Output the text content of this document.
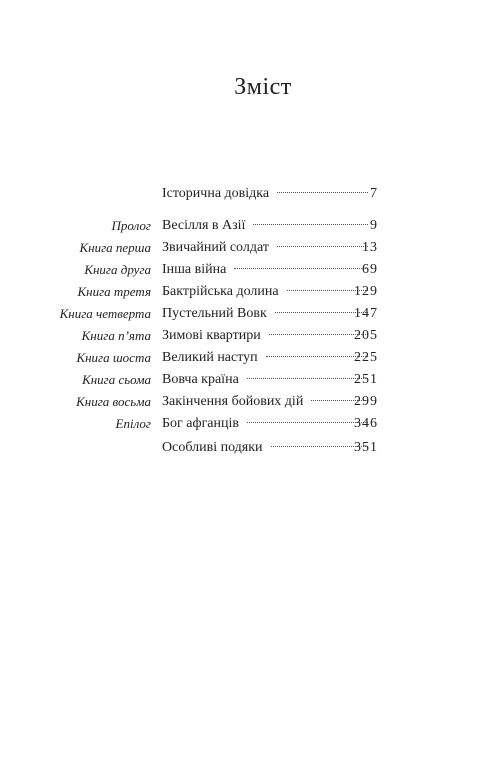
Зміст
Історична довідка	7
Пролог Весілля в Азії	9
Книга перша Звичайний солдат	13
Книга друга Інша війна	69
Книга третя Бактрійська долина	129
Книга четверта Пустельний Вовк	147
Книга п’ята Зимові квартири	205
Книга шоста Великий наступ	225
Книга сьома Вовча країна	251
Книга восьма Закінчення бойових дій	299
Епілог Бог афганців	346
Особливі подяки	351
